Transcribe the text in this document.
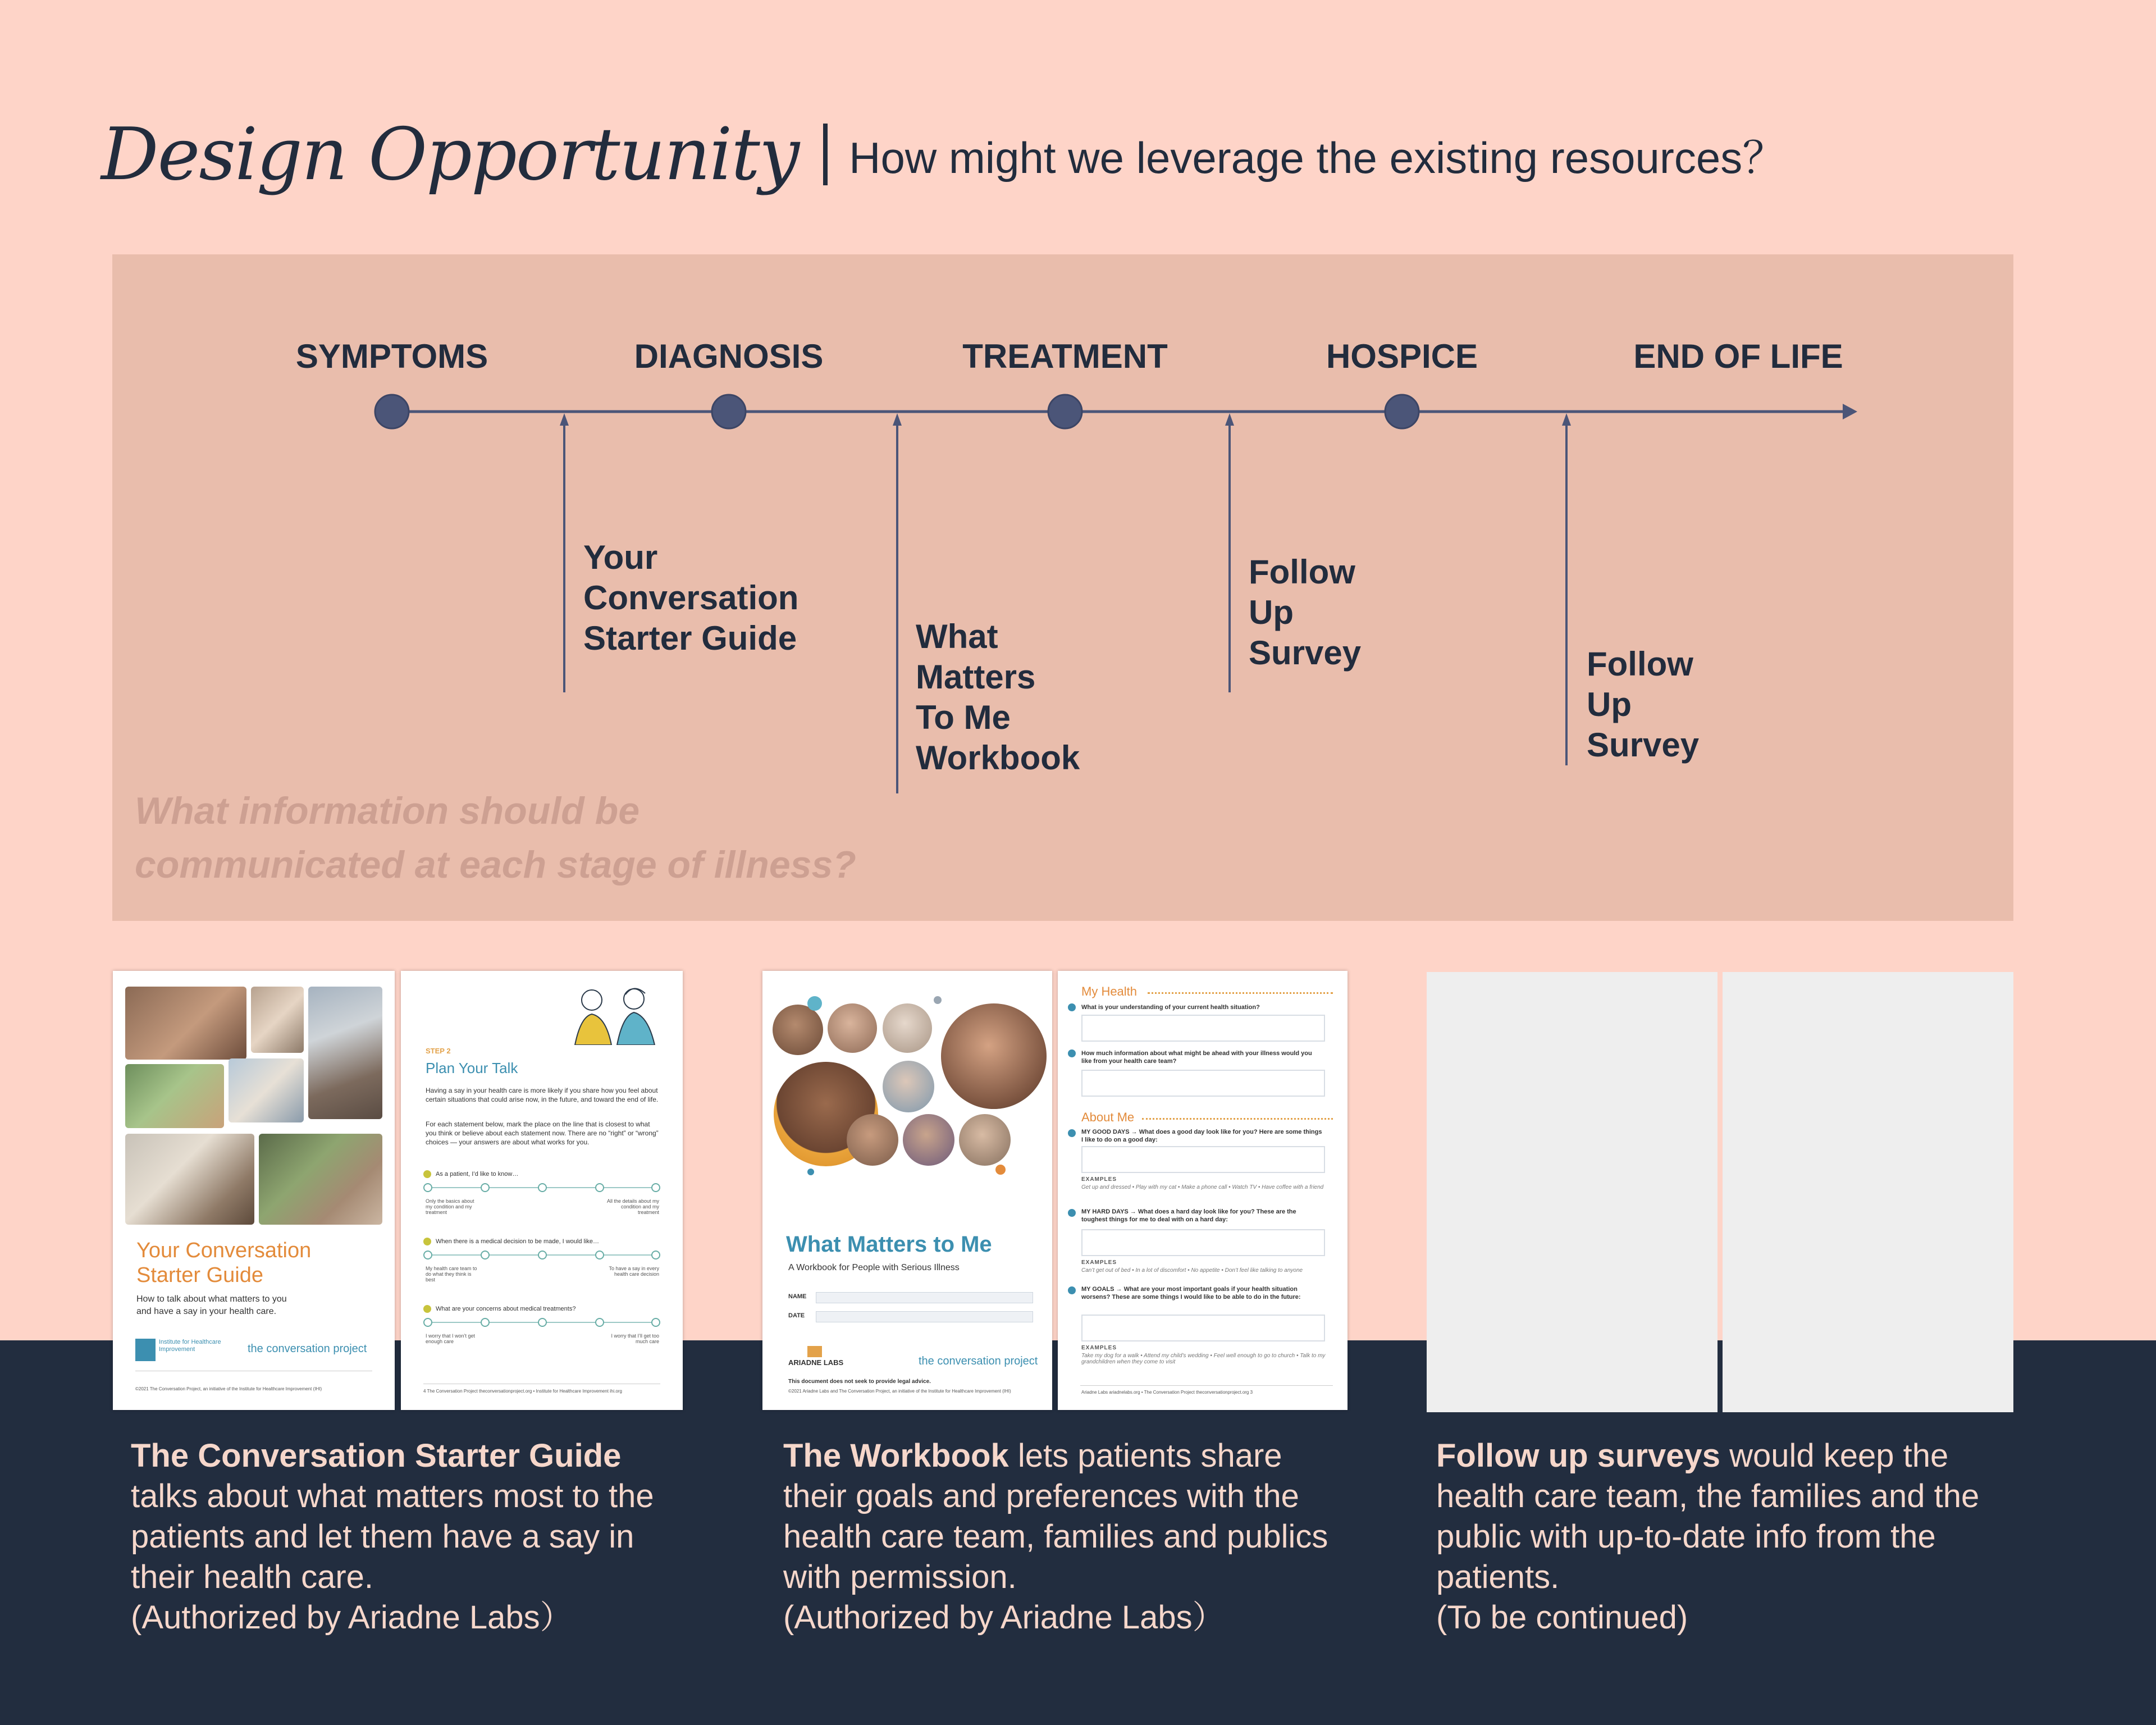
Design Opportunity How might we leverage the existing resources？
SYMPTOMS	DIAGNOSIS	TREATMENT	HOSPICE	END OF LIFE
Your
Conversation
Starter Guide	What
Matters
To Me
Workbook
Follow
Up
Survey	Follow
Up
Survey
What information should be
communicated at each stage of illness?
Your Conversation
Starter Guide
How to talk about what matters to you
and have a say in your health care.
Institute for Healthcare Improvement	the conversation project
©2021 The Conversation Project, an initiative of the Institute for Healthcare Improvement (IHI)
STEP 2
Plan Your Talk
Having a say in your health care is more likely if you share how you feel about certain situations that could arise now, in the future, and toward the end of life.
For each statement below, mark the place on the line that is closest to what you think or believe about each statement now. There are no “right” or “wrong” choices — your answers are about what works for you.
As a patient, I’d like to know…
Only the basics about my condition and my treatment
All the details about my condition and my treatment
When there is a medical decision to be made, I would like…
My health care team to do what they think is best
To have a say in every health care decision
What are your concerns about medical treatments?
I worry that I won’t get enough care
I worry that I’ll get too much care
4 The Conversation Project theconversationproject.org • Institute for Healthcare Improvement ihi.org
What Matters to Me
A Workbook for People with Serious Illness
NAME
DATE
ARIADNE LABS	the conversation project
This document does not seek to provide legal advice.
©2021 Ariadne Labs and The Conversation Project, an initiative of the Institute for Healthcare Improvement (IHI)
My Health
What is your understanding of your current health situation?
How much information about what might be ahead with your illness would you like from your health care team?
About Me
MY GOOD DAYS → What does a good day look like for you? Here are some things I like to do on a good day:
EXAMPLES
Get up and dressed • Play with my cat • Make a phone call • Watch TV • Have coffee with a friend
MY HARD DAYS → What does a hard day look like for you? These are the toughest things for me to deal with on a hard day:
EXAMPLES
Can’t get out of bed • In a lot of discomfort • No appetite • Don’t feel like talking to anyone
MY GOALS → What are your most important goals if your health situation worsens? These are some things I would like to be able to do in the future:
EXAMPLES
Take my dog for a walk • Attend my child’s wedding • Feel well enough to go to church • Talk to my grandchildren when they come to visit
Ariadne Labs ariadnelabs.org • The Conversation Project theconversationproject.org 3
The Conversation Starter Guide
talks about what matters most to the
patients and let them have a say in
their health care.
(Authorized by Ariadne Labs）
The Workbook lets patients share
their goals and preferences with the
health care team, families and publics
with permission.
(Authorized by Ariadne Labs）
Follow up surveys would keep the
health care team, the families and the
public with up-to-date info from the
patients.
(To be continued)
